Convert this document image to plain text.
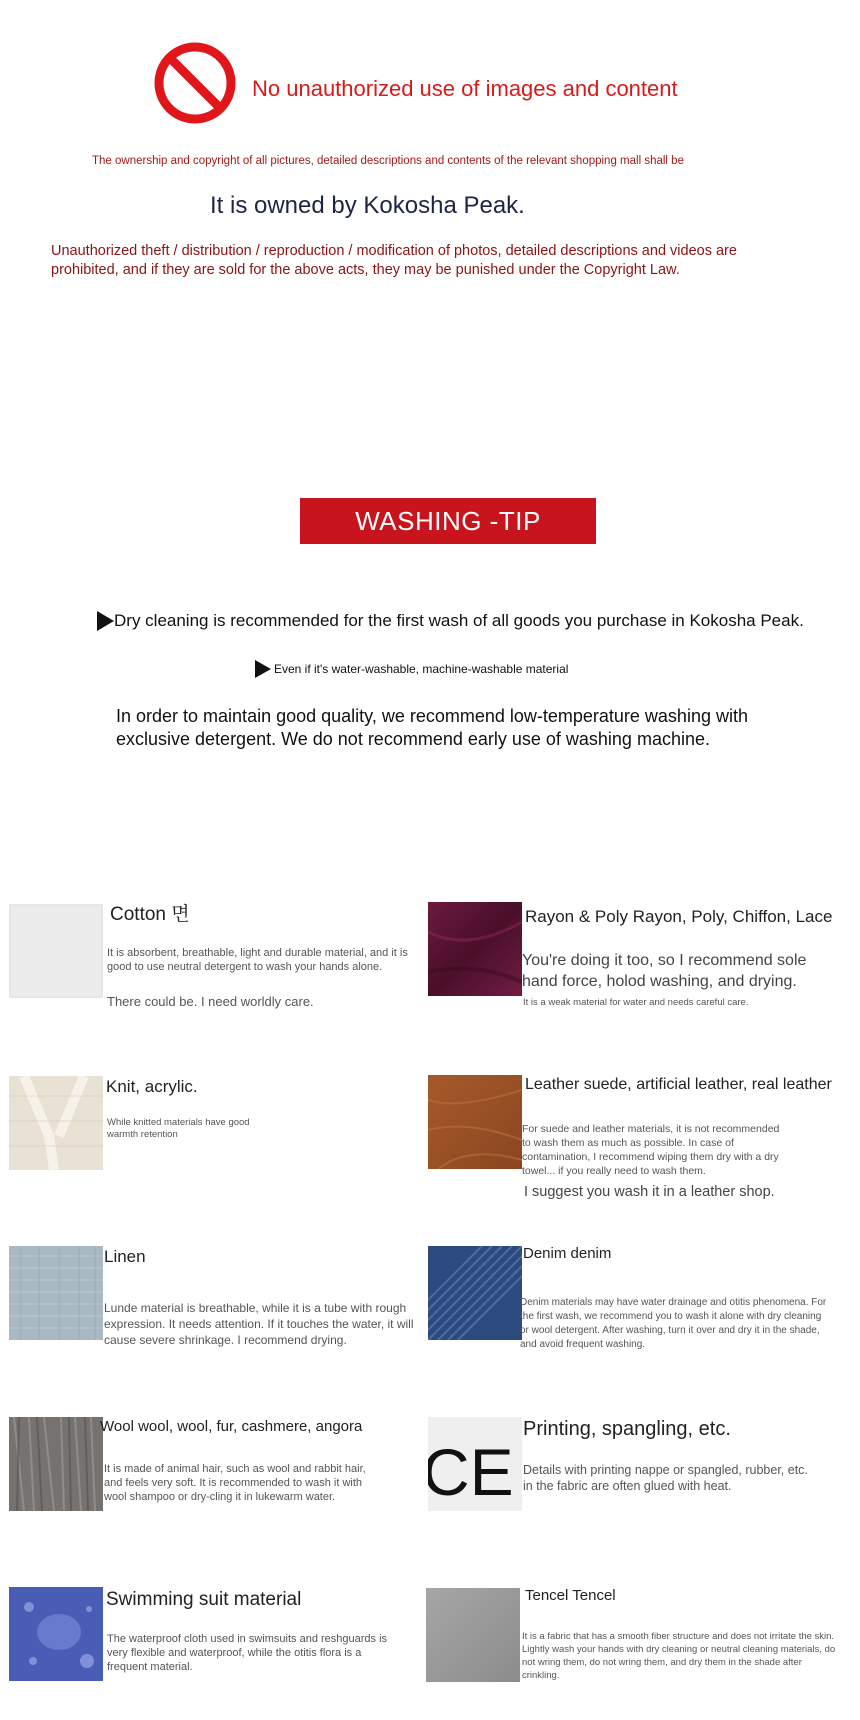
No unauthorized use of images and content
The ownership and copyright of all pictures, detailed descriptions and contents of the relevant shopping mall shall be
It is owned by Kokosha Peak.
Unauthorized theft / distribution / reproduction / modification of photos, detailed descriptions and videos are prohibited, and if they are sold for the above acts, they may be punished under the Copyright Law.
WASHING -TIP
Dry cleaning is recommended for the first wash of all goods you purchase in Kokosha Peak.
Even if it's water-washable, machine-washable material
In order to maintain good quality, we recommend low-temperature washing with exclusive detergent. We do not recommend early use of washing machine.
Cotton 면
It is absorbent, breathable, light and durable material, and it is good to use neutral detergent to wash your hands alone.
There could be. I need worldly care.
Rayon & Poly Rayon, Poly, Chiffon, Lace
You're doing it too, so I recommend sole hand force, holod washing, and drying.
It is a weak material for water and needs careful care.
Knit, acrylic.
While knitted materials have good warmth retention
Leather suede, artificial leather, real leather
For suede and leather materials, it is not recommended to wash them as much as possible. In case of contamination, I recommend wiping them dry with a dry towel... if you really need to wash them.
I suggest you wash it in a leather shop.
Linen
Lunde material is breathable, while it is a tube with rough expression. It needs attention. If it touches the water, it will cause severe shrinkage. I recommend drying.
Denim denim
Denim materials may have water drainage and otitis phenomena. For the first wash, we recommend you to wash it alone with dry cleaning or wool detergent. After washing, turn it over and dry it in the shade, and avoid frequent washing.
Wool wool, wool, fur, cashmere, angora
It is made of animal hair, such as wool and rabbit hair, and feels very soft. It is recommended to wash it with wool shampoo or dry-cling it in lukewarm water.	CE
Printing, spangling, etc.
Details with printing nappe or spangled, rubber, etc. in the fabric are often glued with heat.
Swimming suit material
The waterproof cloth used in swimsuits and reshguards is very flexible and waterproof, while the otitis flora is a frequent material.
Tencel Tencel
It is a fabric that has a smooth fiber structure and does not irritate the skin. Lightly wash your hands with dry cleaning or neutral cleaning materials, do not wring them, do not wring them, and dry them in the shade after crinkling.
